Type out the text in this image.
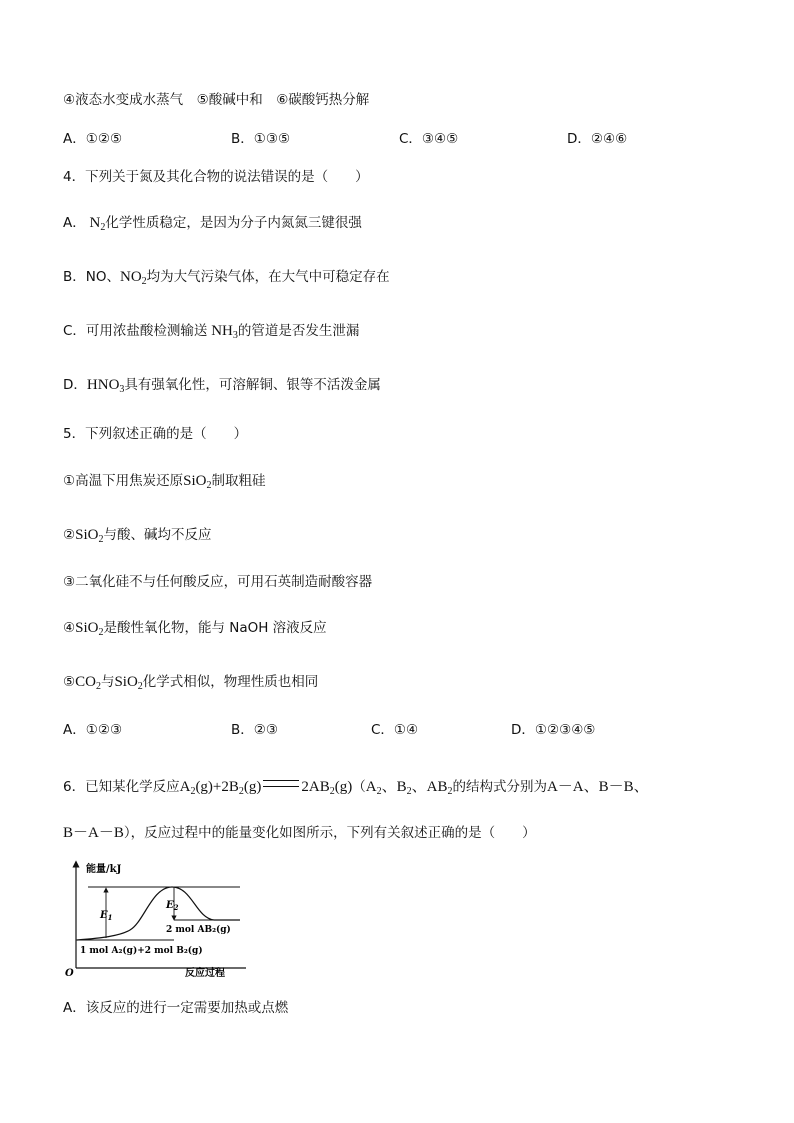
④液态水变成水蒸气　⑤酸碱中和　⑥碳酸钙热分解
A．①②⑤	B．①③⑤	C．③④⑤	D．②④⑥
4．下列关于氮及其化合物的说法错误的是（　　）
A． $N_2$化学性质稳定，是因为分子内氮氮三键很强
B．NO、$NO_2$均为大气污染气体，在大气中可稳定存在
C．可用浓盐酸检测输送 $NH_3$的管道是否发生泄漏
D．$HNO_3$具有强氧化性，可溶解铜、银等不活泼金属
5．下列叙述正确的是（　　）
①高温下用焦炭还原SiO$_2$制取粗硅
②SiO$_2$与酸、碱均不反应
③二氧化硅不与任何酸反应，可用石英制造耐酸容器
④SiO$_2$是酸性氧化物，能与 NaOH 溶液反应
$⑤CO_2$与SiO$_2$化学式相似，物理性质也相同
A．①②③	B．②③	C．①④	D．①②③④⑤
6．已知某化学反应$A_2(g)+2B_2(g)$	$2AB_2(g)(A_2$、$B_2$、$AB_2$的结构式分别为A－A、B－B、
B－A－B），反应过程中的能量变化如图所示，下列有关叙述正确的是（　　）
能量/kJ
O	反应过程
$E_1$
$E_2$
2 mol AB₂(g)
1 mol A₂(g)+2 mol B₂(g)
A．该反应的进行一定需要加热或点燃
